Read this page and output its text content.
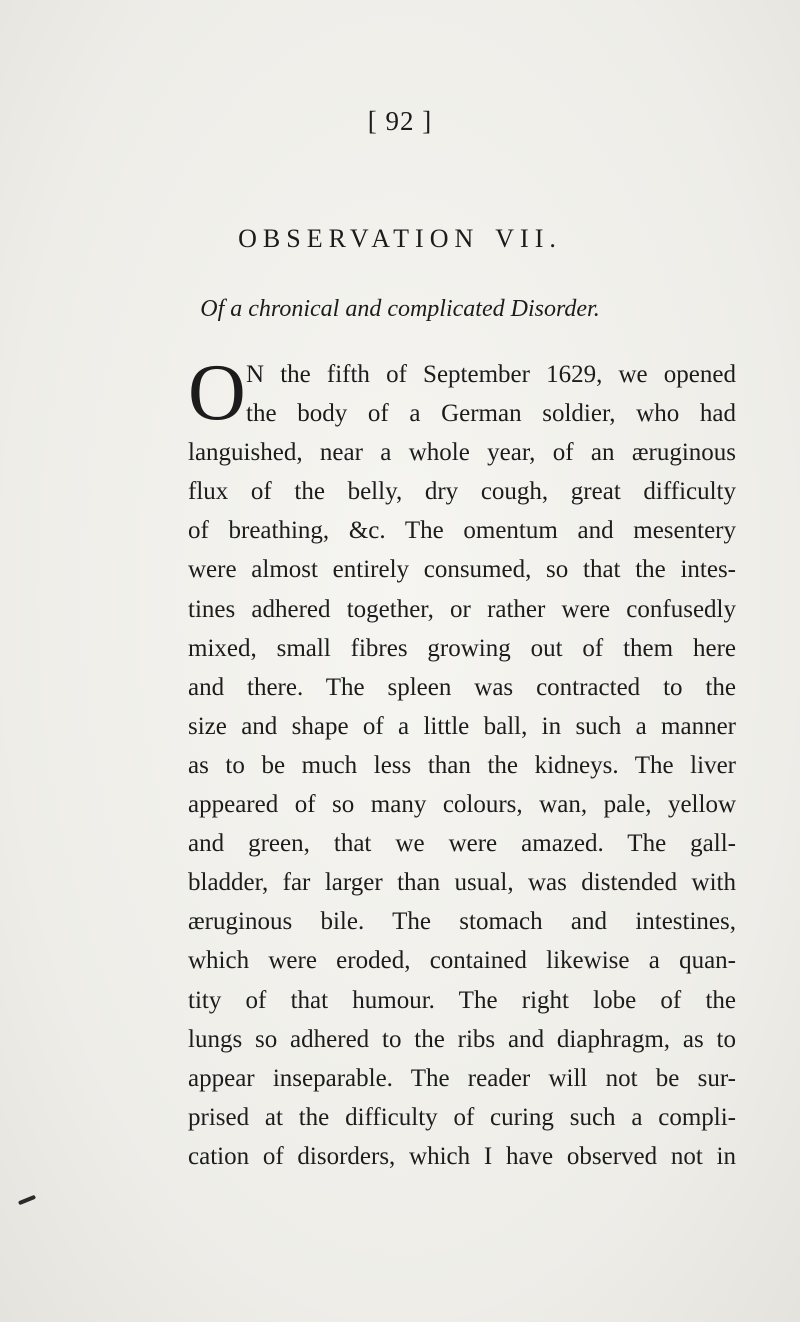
[ 92 ]
OBSERVATION VII.
Of a chronical and complicated Disorder.
O N the fifth of September 1629, we opened
the body of a German soldier, who had
languished, near a whole year, of an æruginous
flux of the belly, dry cough, great difficulty
of breathing, &c. The omentum and mesentery
were almost entirely consumed, so that the intes-
tines adhered together, or rather were confusedly
mixed, small fibres growing out of them here
and there. The spleen was contracted to the
size and shape of a little ball, in such a manner
as to be much less than the kidneys. The liver
appeared of so many colours, wan, pale, yellow
and green, that we were amazed. The gall-
bladder, far larger than usual, was distended with
æruginous bile. The stomach and intestines,
which were eroded, contained likewise a quan-
tity of that humour. The right lobe of the
lungs so adhered to the ribs and diaphragm, as to
appear inseparable. The reader will not be sur-
prised at the difficulty of curing such a compli-
cation of disorders, which I have observed not in
